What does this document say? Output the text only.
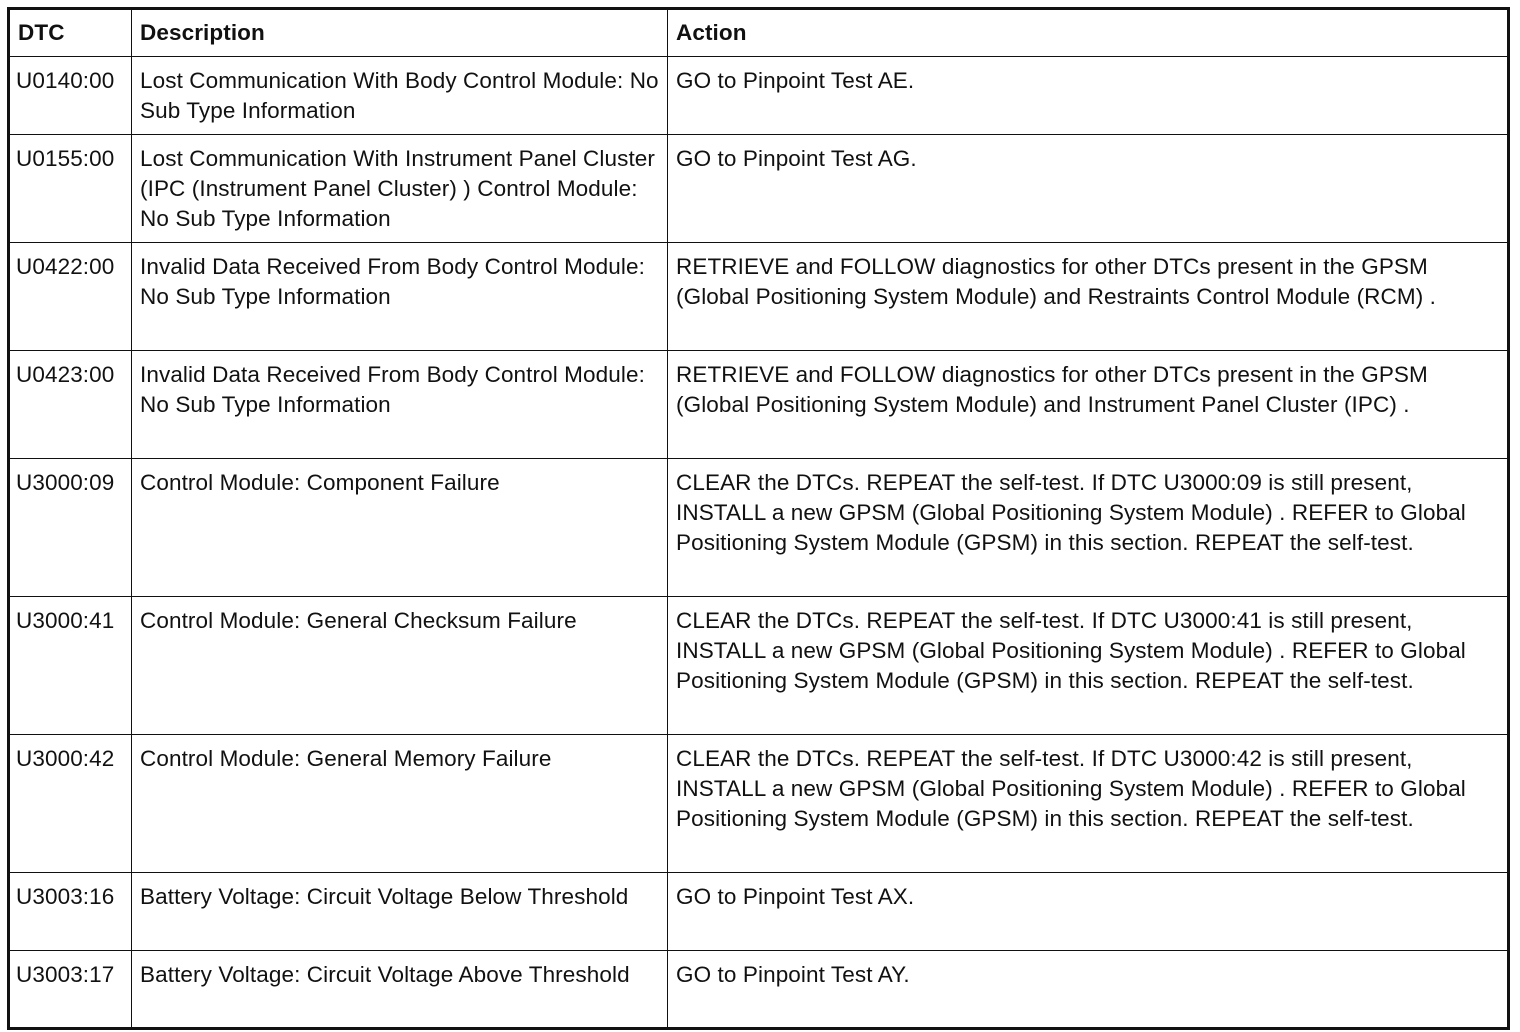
DTC	Description	Action
U0140:00	Lost Communication With Body Control Module: No Sub Type Information	GO to Pinpoint Test AE.
U0155:00	Lost Communication With Instrument Panel Cluster (IPC (Instrument Panel Cluster) ) Control Module: No Sub Type Information	GO to Pinpoint Test AG.
U0422:00	Invalid Data Received From Body Control Module: No Sub Type Information	RETRIEVE and FOLLOW diagnostics for other DTCs present in the GPSM (Global Positioning System Module) and Restraints Control Module (RCM) .
U0423:00	Invalid Data Received From Body Control Module: No Sub Type Information	RETRIEVE and FOLLOW diagnostics for other DTCs present in the GPSM (Global Positioning System Module) and Instrument Panel Cluster (IPC) .
U3000:09	Control Module: Component Failure	CLEAR the DTCs. REPEAT the self-test. If DTC U3000:09 is still present, INSTALL a new GPSM (Global Positioning System Module) . REFER to Global Positioning System Module (GPSM) in this section. REPEAT the self-test.
U3000:41	Control Module: General Checksum Failure	CLEAR the DTCs. REPEAT the self-test. If DTC U3000:41 is still present, INSTALL a new GPSM (Global Positioning System Module) . REFER to Global Positioning System Module (GPSM) in this section. REPEAT the self-test.
U3000:42	Control Module: General Memory Failure	CLEAR the DTCs. REPEAT the self-test. If DTC U3000:42 is still present, INSTALL a new GPSM (Global Positioning System Module) . REFER to Global Positioning System Module (GPSM) in this section. REPEAT the self-test.
U3003:16	Battery Voltage: Circuit Voltage Below Threshold	GO to Pinpoint Test AX.
U3003:17	Battery Voltage: Circuit Voltage Above Threshold	GO to Pinpoint Test AY.
